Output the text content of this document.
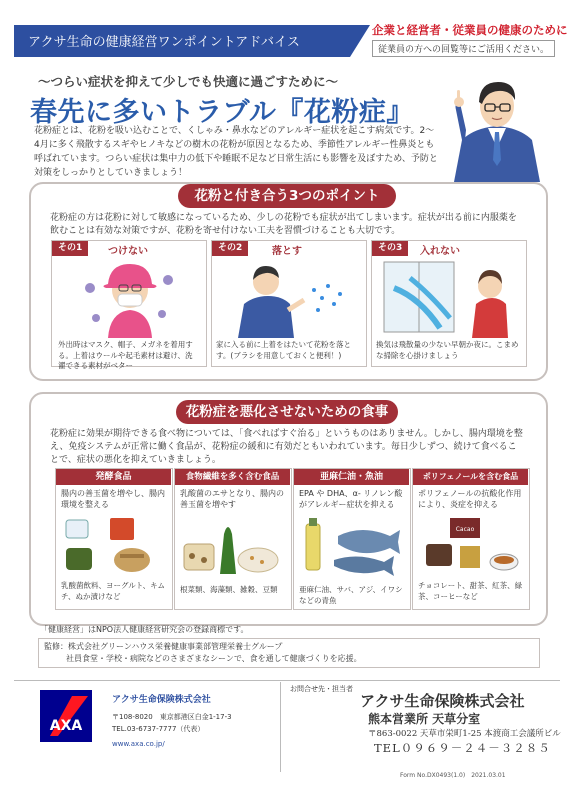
アクサ生命の健康経営ワンポイントアドバイス
企業と経営者・従業員の健康のために
従業員の方への回覧等にご活用ください。
～つらい症状を抑えて少しでも快適に過ごすために～
春先に多いトラブル『花粉症』
花粉症とは、花粉を吸い込むことで、くしゃみ・鼻水などのアレルギー症状を起こす病気です。2～4月に多く飛散するスギやヒノキなどの樹木の花粉が原因となるため、季節性アレルギー性鼻炎とも呼ばれています。つらい症状は集中力の低下や睡眠不足など日常生活にも影響を及ぼすため、予防と対策をしっかりとしていきましょう！
花粉と付き合う3つのポイント
花粉症の方は花粉に対して敏感になっているため、少しの花粉でも症状が出てしまいます。症状が出る前に内服薬を飲むことは有効な対策ですが、花粉を寄せ付けない工夫を習慣づけることも大切です。
その1	つけない
外出時はマスク、帽子、メガネを着用する。上着はウールや起毛素材は避け、洗濯できる素材がベター
その2	落とす
家に入る前に上着をはたいて花粉を落とす。(ブラシを用意しておくと便利！)
その3	入れない
換気は飛散量の少ない早朝か夜に。こまめな掃除を心掛けましょう
花粉症を悪化させないための食事
花粉症に効果が期待できる食べ物については、「食べればすぐ治る」というものはありません。しかし、腸内環境を整え、免疫システムが正常に働く食品が、花粉症の緩和に有効だともいわれています。毎日少しずつ、続けて食べることで、症状の悪化を抑えていきましょう。
発酵食品
腸内の善玉菌を増やし、腸内環境を整える
乳酸菌飲料、ヨーグルト、キムチ、ぬか漬けなど
食物繊維を多く含む食品
乳酸菌のエサとなり、腸内の善玉菌を増やす
根菜類、海藻類、雑穀、豆類
亜麻仁油・魚油
EPA や DHA、α- リノレン酸がアレルギー症状を抑える
亜麻仁油、サバ、アジ、イワシなどの青魚
ポリフェノールを含む食品
ポリフェノールの抗酸化作用により、炎症を抑える
Cacao
チョコレート、甜茶、紅茶、緑茶、コーヒーなど
「健康経営」はNPO法人健康経営研究会の登録商標です。
監修：株式会社グリーンハウス栄養健康事業部管理栄養士グループ
社員食堂・学校・病院などのさまざまなシーンで、食を通して健康づくりを応援。
AXA
アクサ生命保険株式会社
〒108-8020　東京都港区白金1-17-3
TEL.03-6737-7777（代表）
www.axa.co.jp/
お問合せ先・担当者
アクサ生命保険株式会社
熊本営業所 天草分室
〒863-0022 天草市栄町1-25 本渡商工会議所ビル
TEL０９６９－２４－３２８５
Form No.DX0493(1.0)　2021.03.01
